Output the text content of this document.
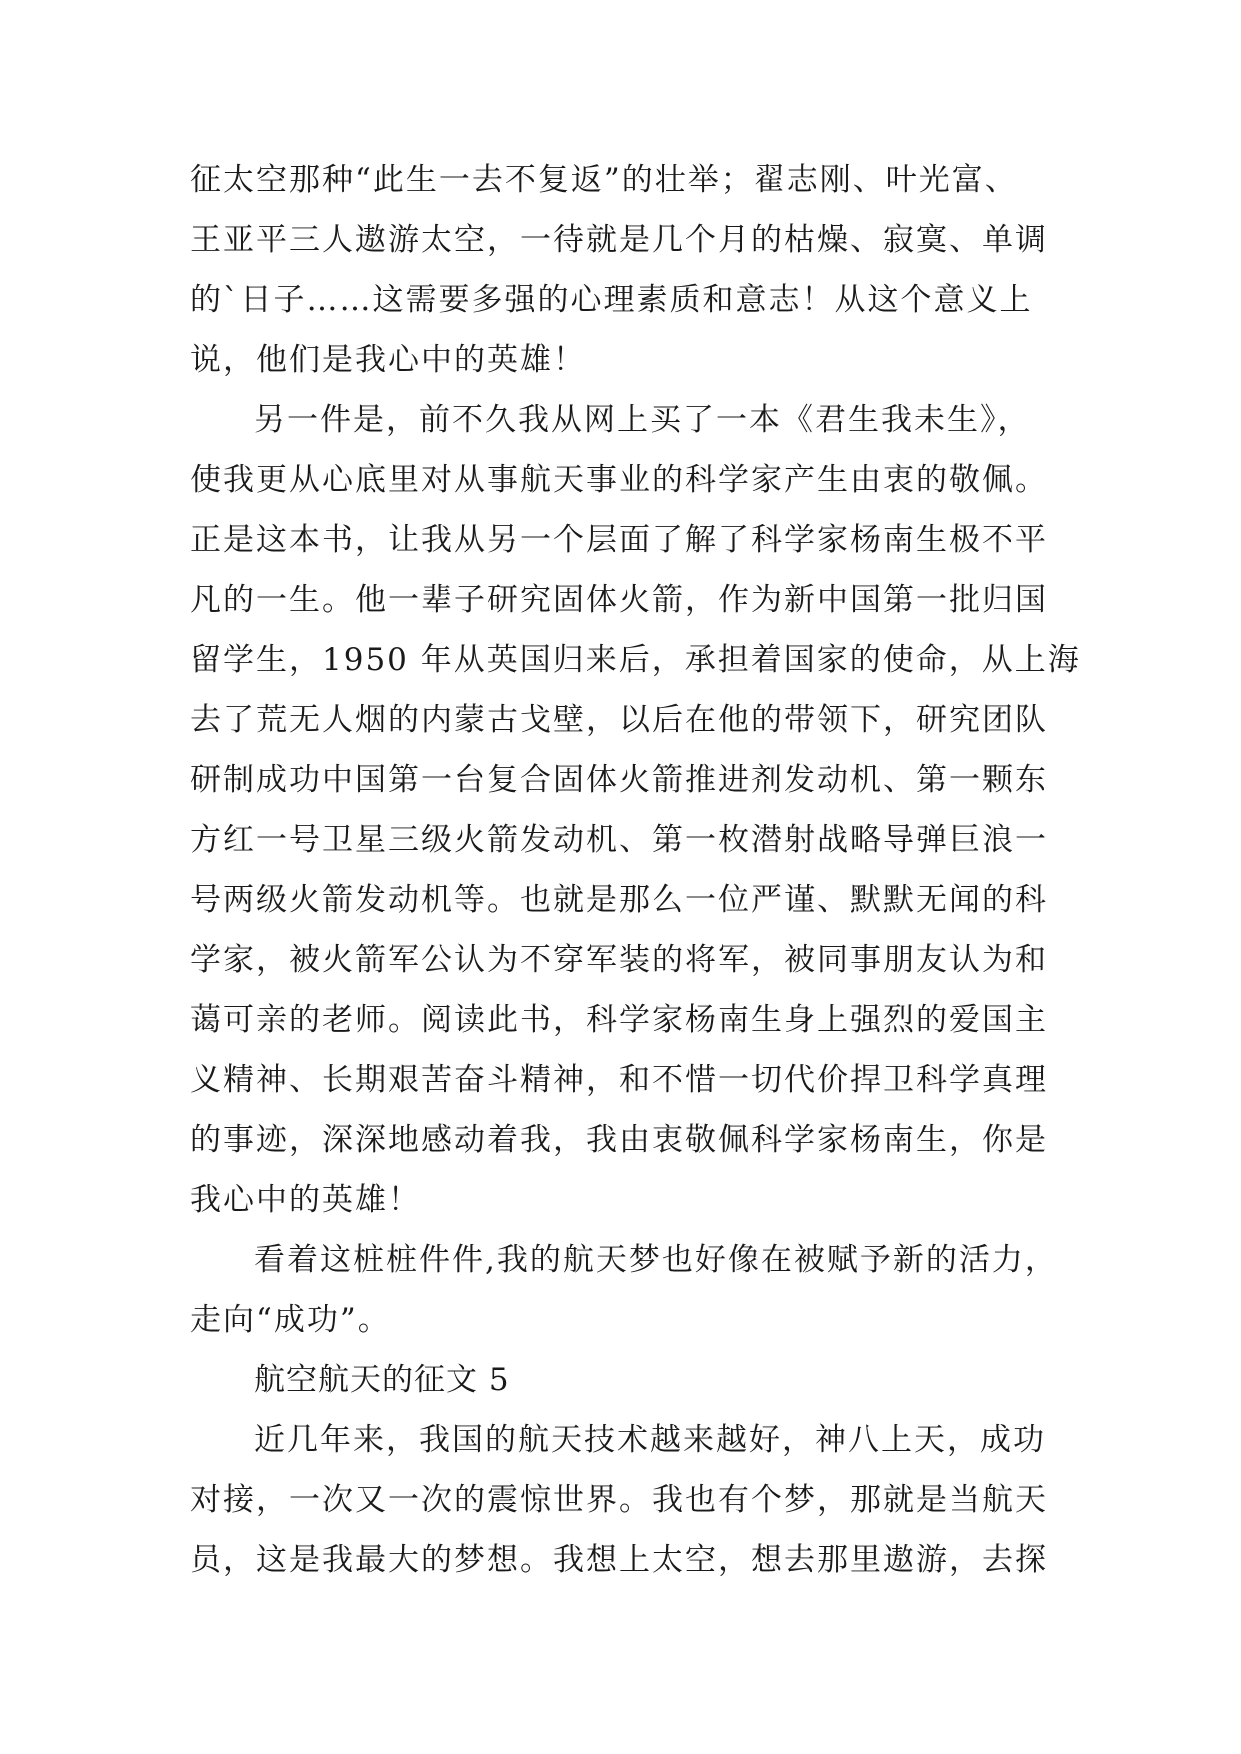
征太空那种“此生一去不复返”的壮举；翟志刚、叶光富、
王亚平三人遨游太空，一待就是几个月的枯燥、寂寞、单调
的`日子……这需要多强的心理素质和意志！从这个意义上
说，他们是我心中的英雄！
另一件是，前不久我从网上买了一本《君生我未生》，
使我更从心底里对从事航天事业的科学家产生由衷的敬佩。
正是这本书，让我从另一个层面了解了科学家杨南生极不平
凡的一生。他一辈子研究固体火箭，作为新中国第一批归国
留学生，1950 年从英国归来后，承担着国家的使命，从上海
去了荒无人烟的内蒙古戈壁，以后在他的带领下，研究团队
研制成功中国第一台复合固体火箭推进剂发动机、第一颗东
方红一号卫星三级火箭发动机、第一枚潜射战略导弹巨浪一
号两级火箭发动机等。也就是那么一位严谨、默默无闻的科
学家，被火箭军公认为不穿军装的将军，被同事朋友认为和
蔼可亲的老师。阅读此书，科学家杨南生身上强烈的爱国主
义精神、长期艰苦奋斗精神，和不惜一切代价捍卫科学真理
的事迹，深深地感动着我，我由衷敬佩科学家杨南生，你是
我心中的英雄！
看着这桩桩件件,我的航天梦也好像在被赋予新的活力，
走向“成功”。
航空航天的征文 5
近几年来，我国的航天技术越来越好，神八上天，成功
对接，一次又一次的震惊世界。我也有个梦，那就是当航天
员，这是我最大的梦想。我想上太空，想去那里遨游，去探
